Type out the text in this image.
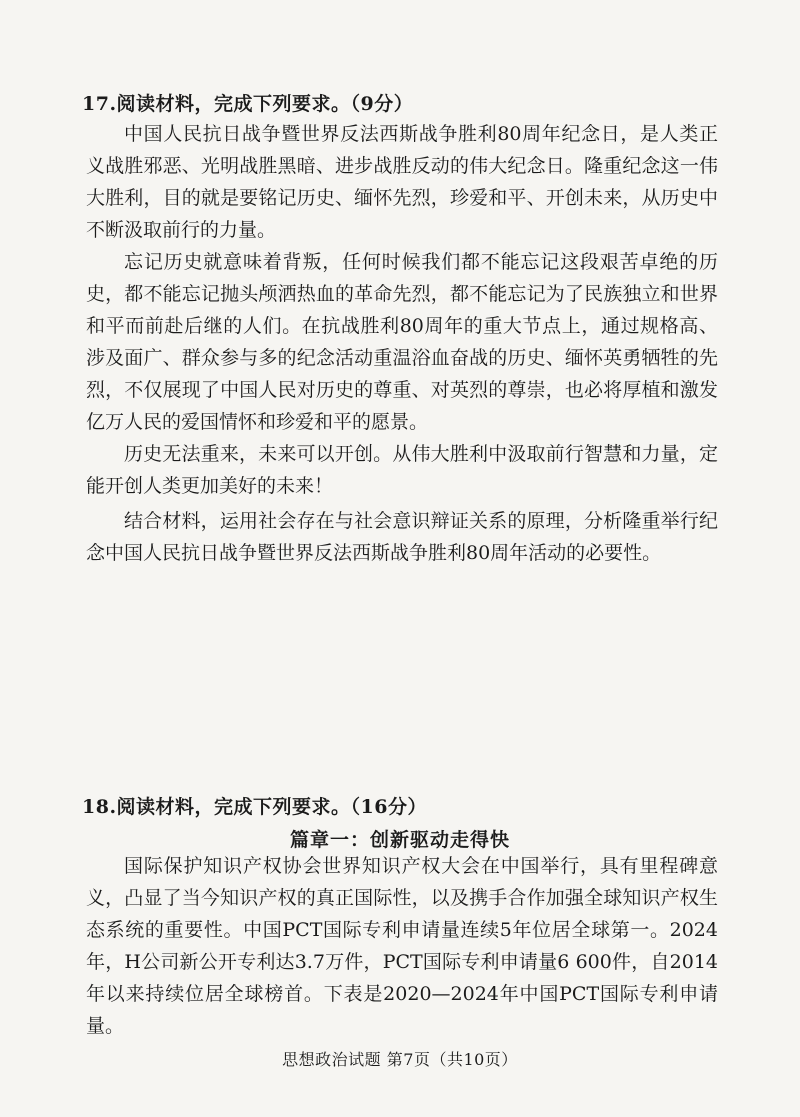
17.阅读材料，完成下列要求。（9分）

中国人民抗日战争暨世界反法西斯战争胜利80周年纪念日，是人类正义战胜邪恶、光明战胜黑暗、进步战胜反动的伟大纪念日。隆重纪念这一伟大胜利，目的就是要铭记历史、缅怀先烈，珍爱和平、开创未来，从历史中不断汲取前行的力量。

忘记历史就意味着背叛，任何时候我们都不能忘记这段艰苦卓绝的历史，都不能忘记抛头颅洒热血的革命先烈，都不能忘记为了民族独立和世界和平而前赴后继的人们。在抗战胜利80周年的重大节点上，通过规格高、涉及面广、群众参与多的纪念活动重温浴血奋战的历史、缅怀英勇牺牲的先烈，不仅展现了中国人民对历史的尊重、对英烈的尊崇，也必将厚植和激发亿万人民的爱国情怀和珍爱和平的愿景。

历史无法重来，未来可以开创。从伟大胜利中汲取前行智慧和力量，定能开创人类更加美好的未来！

结合材料，运用社会存在与社会意识辩证关系的原理，分析隆重举行纪念中国人民抗日战争暨世界反法西斯战争胜利80周年活动的必要性。

18.阅读材料，完成下列要求。（16分）
篇章一：创新驱动走得快

国际保护知识产权协会世界知识产权大会在中国举行，具有里程碑意义，凸显了当今知识产权的真正国际性，以及携手合作加强全球知识产权生态系统的重要性。中国PCT国际专利申请量连续5年位居全球第一。2024年，H公司新公开专利达3.7万件，PCT国际专利申请量6 600件，自2014年以来持续位居全球榜首。下表是2020—2024年中国PCT国际专利申请量。

思想政治试题 第7页（共10页）
